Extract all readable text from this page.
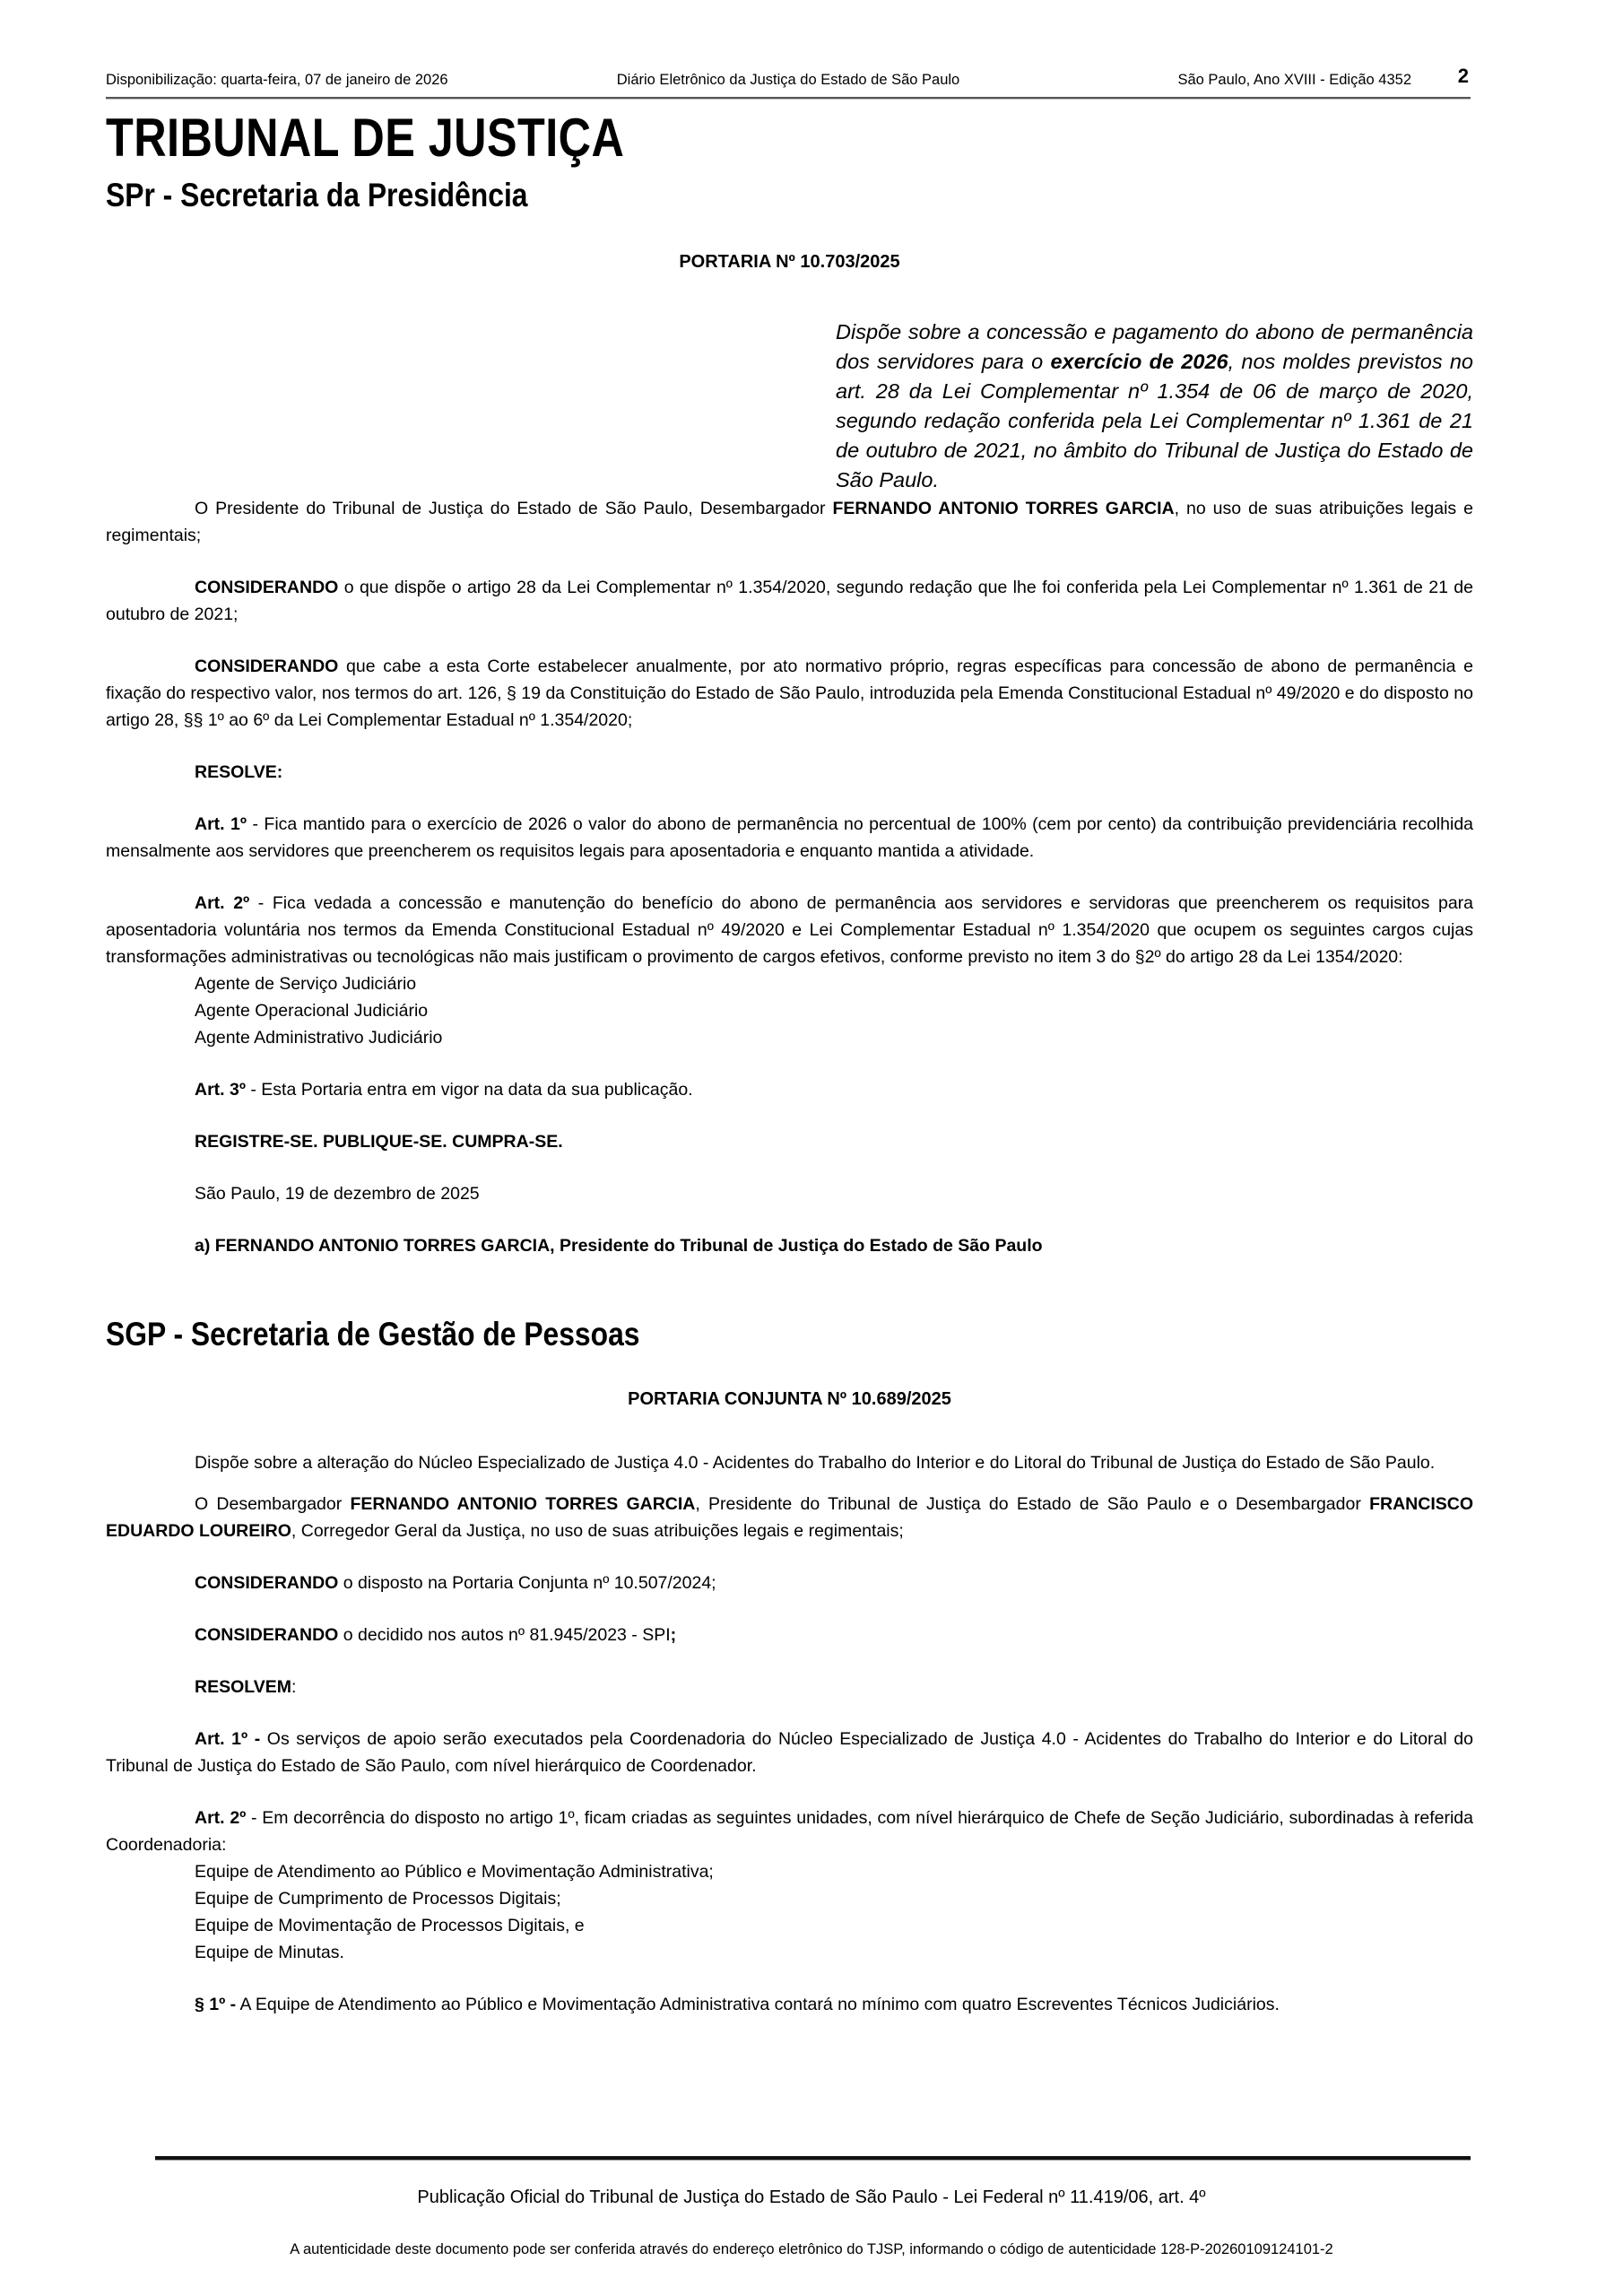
Disponibilização: quarta-feira, 07 de janeiro de 2026	Diário Eletrônico da Justiça do Estado de São Paulo	São Paulo, Ano XVIII - Edição 4352 2
TRIBUNAL DE JUSTIÇA
SPr - Secretaria da Presidência
PORTARIA Nº 10.703/2025
Dispõe sobre a concessão e pagamento do abono de permanência dos servidores para o exercício de 2026, nos moldes previstos no art. 28 da Lei Complementar nº 1.354 de 06 de março de 2020, segundo redação conferida pela Lei Complementar nº 1.361 de 21 de outubro de 2021, no âmbito do Tribunal de Justiça do Estado de São Paulo.

O Presidente do Tribunal de Justiça do Estado de São Paulo, Desembargador FERNANDO ANTONIO TORRES GARCIA, no uso de suas atribuições legais e regimentais;

CONSIDERANDO o que dispõe o artigo 28 da Lei Complementar nº 1.354/2020, segundo redação que lhe foi conferida pela Lei Complementar nº 1.361 de 21 de outubro de 2021;

CONSIDERANDO que cabe a esta Corte estabelecer anualmente, por ato normativo próprio, regras específicas para concessão de abono de permanência e fixação do respectivo valor, nos termos do art. 126, § 19 da Constituição do Estado de São Paulo, introduzida pela Emenda Constitucional Estadual nº 49/2020 e do disposto no artigo 28, §§ 1º ao 6º da Lei Complementar Estadual nº 1.354/2020;

RESOLVE:

Art. 1º - Fica mantido para o exercício de 2026 o valor do abono de permanência no percentual de 100% (cem por cento) da contribuição previdenciária recolhida mensalmente aos servidores que preencherem os requisitos legais para aposentadoria e enquanto mantida a atividade.

Art. 2º - Fica vedada a concessão e manutenção do benefício do abono de permanência aos servidores e servidoras que preencherem os requisitos para aposentadoria voluntária nos termos da Emenda Constitucional Estadual nº 49/2020 e Lei Complementar Estadual nº 1.354/2020 que ocupem os seguintes cargos cujas transformações administrativas ou tecnológicas não mais justificam o provimento de cargos efetivos, conforme previsto no item 3 do §2º do artigo 28 da Lei 1354/2020:

Agente de Serviço Judiciário
Agente Operacional Judiciário
Agente Administrativo Judiciário

Art. 3º - Esta Portaria entra em vigor na data da sua publicação.

REGISTRE-SE. PUBLIQUE-SE. CUMPRA-SE.

São Paulo, 19 de dezembro de 2025

a) FERNANDO ANTONIO TORRES GARCIA, Presidente do Tribunal de Justiça do Estado de São Paulo

SGP - Secretaria de Gestão de Pessoas
PORTARIA CONJUNTA Nº 10.689/2025

Dispõe sobre a alteração do Núcleo Especializado de Justiça 4.0 - Acidentes do Trabalho do Interior e do Litoral do Tribunal de Justiça do Estado de São Paulo.

O Desembargador FERNANDO ANTONIO TORRES GARCIA, Presidente do Tribunal de Justiça do Estado de São Paulo e o Desembargador FRANCISCO EDUARDO LOUREIRO, Corregedor Geral da Justiça, no uso de suas atribuições legais e regimentais;

CONSIDERANDO o disposto na Portaria Conjunta nº 10.507/2024;

CONSIDERANDO o decidido nos autos nº 81.945/2023 - SPI;

RESOLVEM:

Art. 1º - Os serviços de apoio serão executados pela Coordenadoria do Núcleo Especializado de Justiça 4.0 - Acidentes do Trabalho do Interior e do Litoral do Tribunal de Justiça do Estado de São Paulo, com nível hierárquico de Coordenador.

Art. 2º - Em decorrência do disposto no artigo 1º, ficam criadas as seguintes unidades, com nível hierárquico de Chefe de Seção Judiciário, subordinadas à referida Coordenadoria:

Equipe de Atendimento ao Público e Movimentação Administrativa;
Equipe de Cumprimento de Processos Digitais;
Equipe de Movimentação de Processos Digitais, e
Equipe de Minutas.

§ 1º - A Equipe de Atendimento ao Público e Movimentação Administrativa contará no mínimo com quatro Escreventes Técnicos Judiciários.

Publicação Oficial do Tribunal de Justiça do Estado de São Paulo - Lei Federal nº 11.419/06, art. 4º
A autenticidade deste documento pode ser conferida através do endereço eletrônico do TJSP, informando o código de autenticidade 128-P-20260109124101-2
